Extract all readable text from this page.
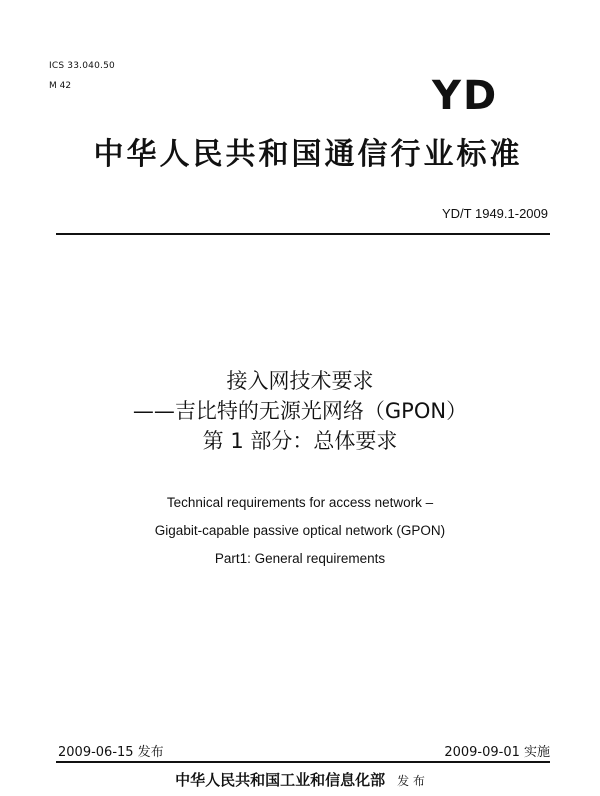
ICS 33.040.50
M 42	YD
中华人民共和国通信行业标准
YD/T 1949.1-2009
接入网技术要求
——吉比特的无源光网络（GPON）
第 1 部分：总体要求
Technical requirements for access network –
Gigabit-capable passive optical network (GPON)
Part1: General requirements
2009-06-15 发布	2009-09-01 实施
中华人民共和国工业和信息化部 发 布
